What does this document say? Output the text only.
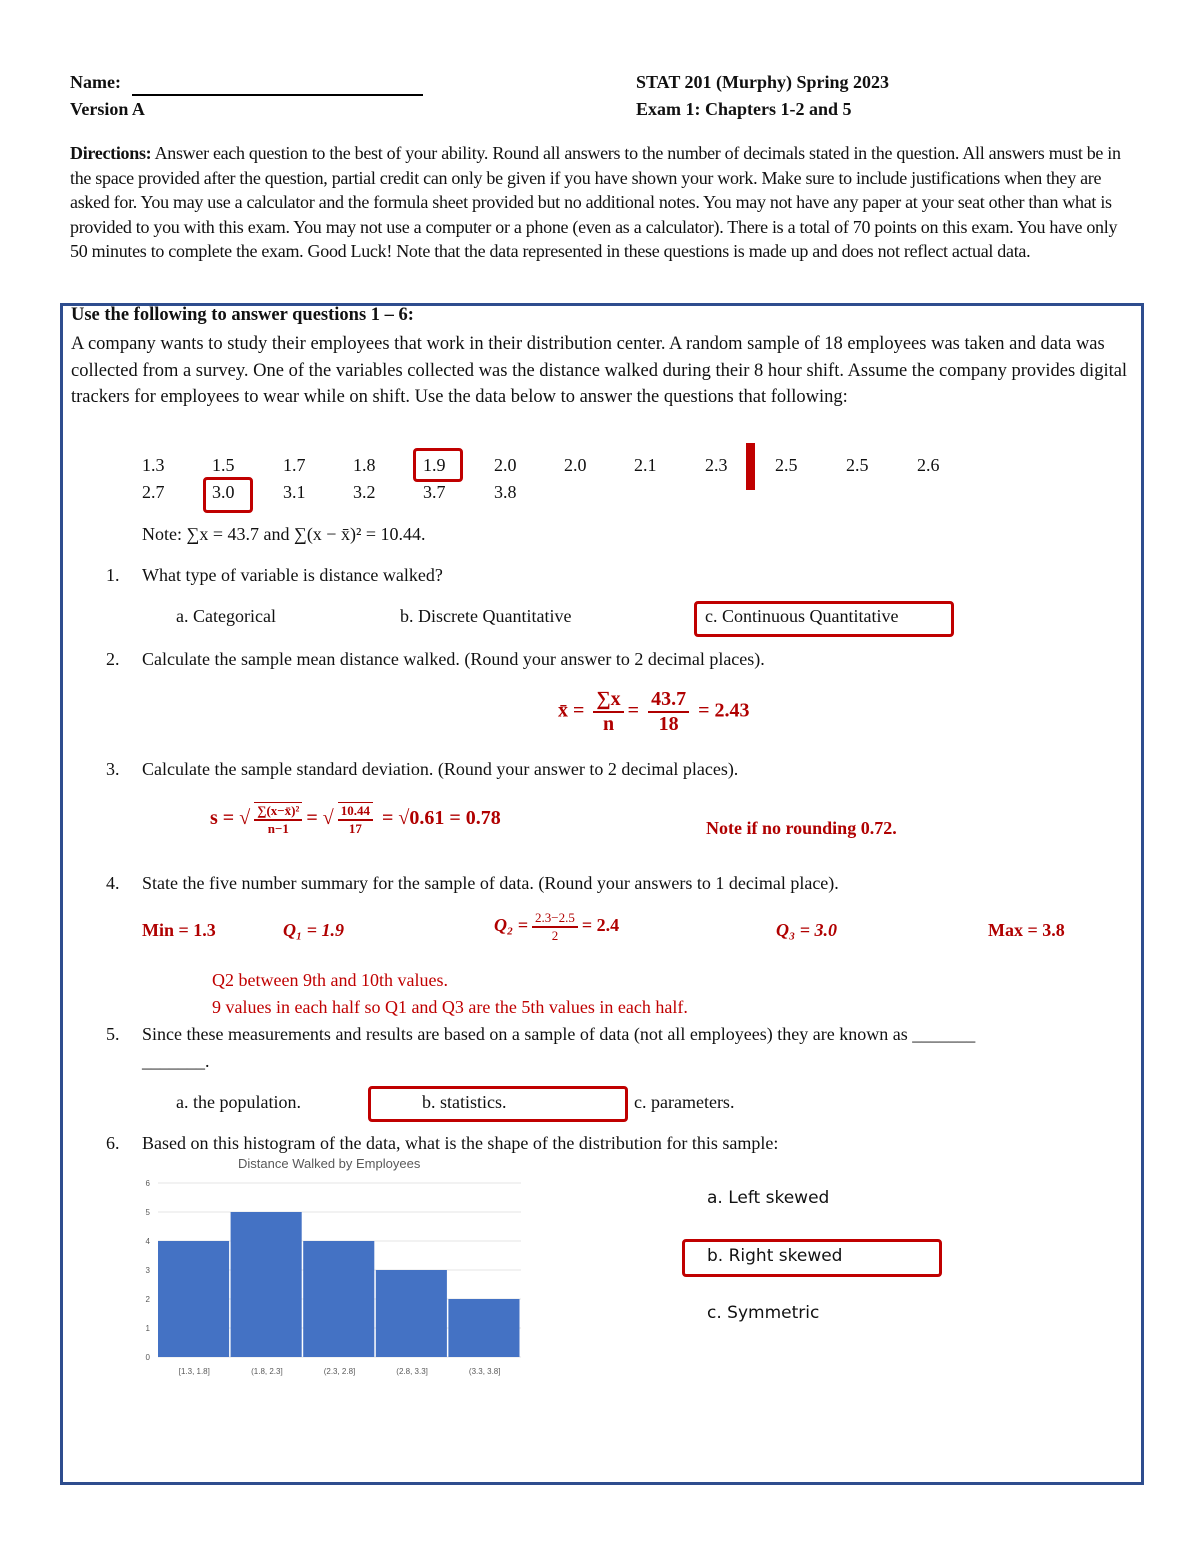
Name:
Version A
STAT 201 (Murphy) Spring 2023
Exam 1: Chapters 1-2 and 5
Directions: Answer each question to the best of your ability. Round all answers to the number of decimals stated in the question. All answers must be in the space provided after the question, partial credit can only be given if you have shown your work. Make sure to include justifications when they are asked for. You may use a calculator and the formula sheet provided but no additional notes. You may not have any paper at your seat other than what is provided to you with this exam. You may not use a computer or a phone (even as a calculator). There is a total of 70 points on this exam. You have only 50 minutes to complete the exam. Good Luck! Note that the data represented in these questions is made up and does not reflect actual data.
Use the following to answer questions 1 – 6:
A company wants to study their employees that work in their distribution center. A random sample of 18 employees was taken and data was collected from a survey. One of the variables collected was the distance walked during their 8 hour shift. Assume the company provides digital trackers for employees to wear while on shift. Use the data below to answer the questions that following:
1.3	1.5	1.7	1.8	1.9	2.0	2.0	2.1	2.3	2.5	2.5	2.6
2.7	3.0	3.1	3.2	3.7	3.8
Note: ∑x = 43.7 and ∑(x − x̄)² = 10.44.
1. What type of variable is distance walked?
a. Categorical	b. Discrete Quantitative	c. Continuous Quantitative
2. Calculate the sample mean distance walked. (Round your answer to 2 decimal places).
x̄ = $\frac{\sum x}{n} = \frac{43.7}{18} = 2.43$
3. Calculate the sample standard deviation. (Round your answer to 2 decimal places).
s = √ $\frac{\text{∑(x−x̄)²}}{n-1}$ = √ $\frac{10.44}{17} = √0.61 = 0.78$	Note if no rounding 0.72.
4. State the five number summary for the sample of data. (Round your answers to 1 decimal place).
Min = 1.3	Q₁ = 1.9	$Q_2 = \frac{2.3-2.5}{2} = 2.4$	Q₃ = 3.0	Max = 3.8
Q2 between 9th and 10th values.
9 values in each half so Q1 and Q3 are the 5th values in each half.
5. Since these measurements and results are based on a sample of data (not all employees) they are known as _______
_______.
a. the population.	b. statistics.	c. parameters.
6. Based on this histogram of the data, what is the shape of the distribution for this sample:
a. Left skewed
b. Right skewed
c. Symmetric
Distance Walked by Employees
0
1
2
3
4
5
6
[1.3, 1.8]	(1.8, 2.3]	(2.3, 2.8]	(2.8, 3.3]	(3.3, 3.8]
